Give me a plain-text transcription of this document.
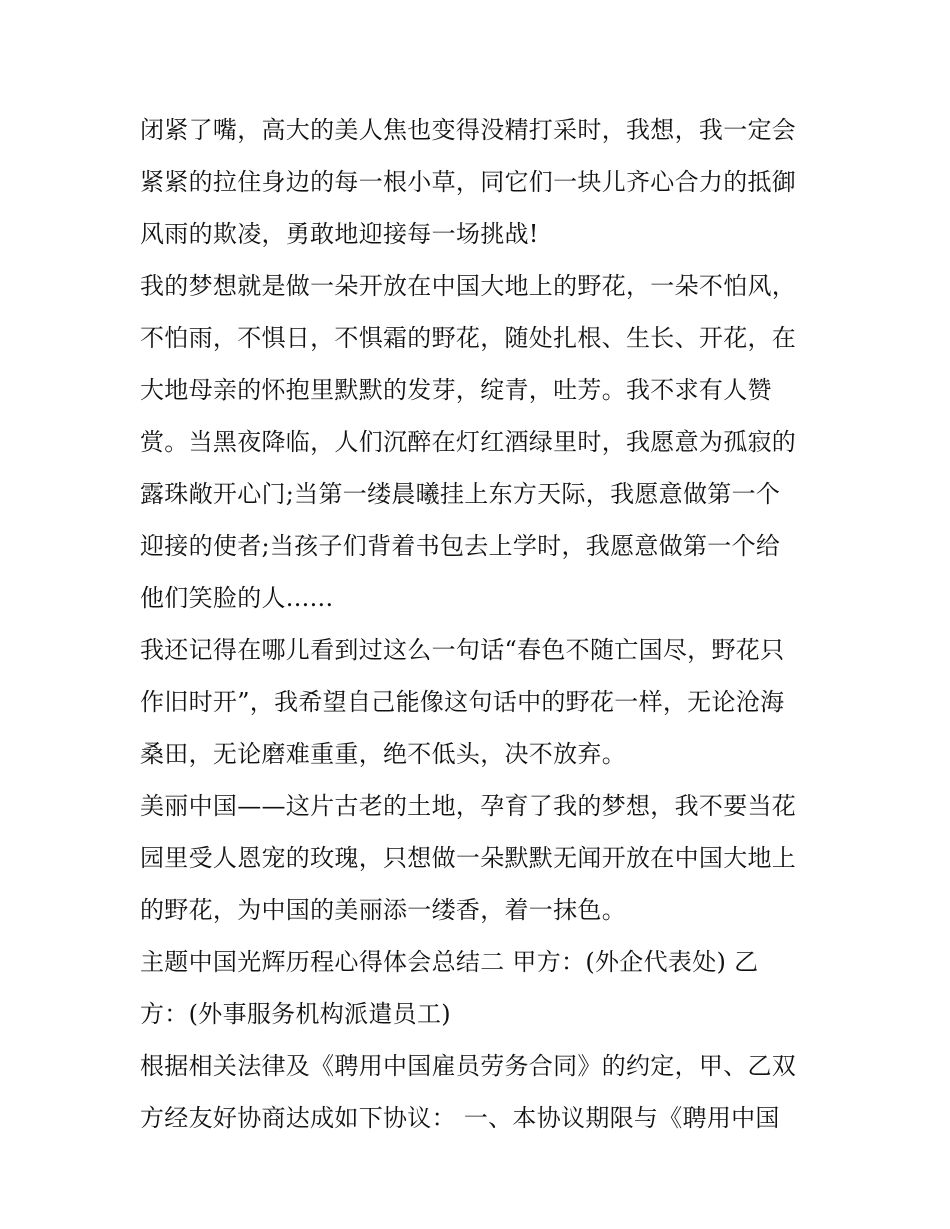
闭紧了嘴，高大的美人焦也变得没精打采时，我想，我一定会
紧紧的拉住身边的每一根小草，同它们一块儿齐心合力的抵御
风雨的欺凌，勇敢地迎接每一场挑战!
我的梦想就是做一朵开放在中国大地上的野花，一朵不怕风，
不怕雨，不惧日，不惧霜的野花，随处扎根、生长、开花，在
大地母亲的怀抱里默默的发芽，绽青，吐芳。我不求有人赞
赏。当黑夜降临，人们沉醉在灯红酒绿里时，我愿意为孤寂的
露珠敞开心门;当第一缕晨曦挂上东方天际，我愿意做第一个
迎接的使者;当孩子们背着书包去上学时，我愿意做第一个给
他们笑脸的人......
我还记得在哪儿看到过这么一句话“春色不随亡国尽，野花只
作旧时开”，我希望自己能像这句话中的野花一样，无论沧海
桑田，无论磨难重重，绝不低头，决不放弃。
美丽中国——这片古老的土地，孕育了我的梦想，我不要当花
园里受人恩宠的玫瑰，只想做一朵默默无闻开放在中国大地上
的野花，为中国的美丽添一缕香，着一抹色。
主题中国光辉历程心得体会总结二 甲方：(外企代表处) 乙
方：(外事服务机构派遣员工)
根据相关法律及《聘用中国雇员劳务合同》的约定，甲、乙双
方经友好协商达成如下协议： 一、本协议期限与《聘用中国
